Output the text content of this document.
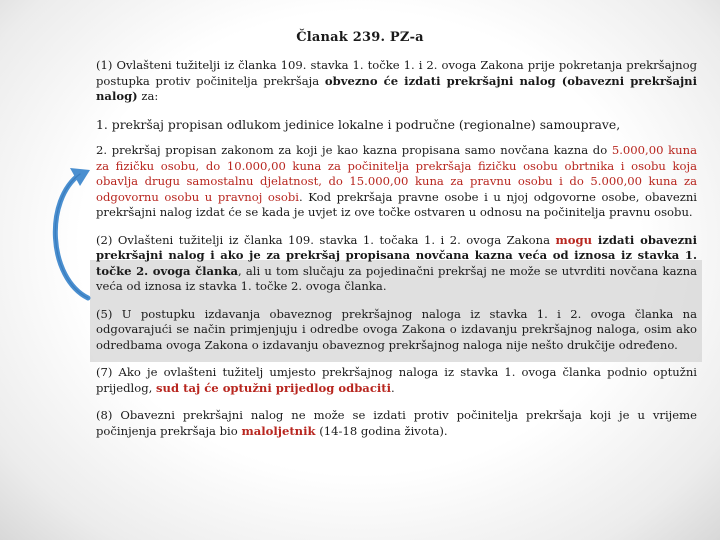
Članak 239. PZ-a

(1) Ovlašteni tužitelji iz članka 109. stavka 1. točke 1. i 2. ovoga Zakona prije pokretanja prekršajnog postupka protiv počinitelja prekršaja obvezno će izdati prekršajni nalog (obavezni prekršajni nalog) za:

1. prekršaj propisan odlukom jedinice lokalne i područne (regionalne) samouprave,

2. prekršaj propisan zakonom za koji je kao kazna propisana samo novčana kazna do 5.000,00 kuna za fizičku osobu, do 10.000,00 kuna za počinitelja prekršaja fizičku osobu obrtnika i osobu koja obavlja drugu samostalnu djelatnost, do 15.000,00 kuna za pravnu osobu i do 5.000,00 kuna za odgovornu osobu u pravnoj osobi. Kod prekršaja pravne osobe i u njoj odgovorne osobe, obavezni prekršajni nalog izdat će se kada je uvjet iz ove točke ostvaren u odnosu na počinitelja pravnu osobu.

(2) Ovlašteni tužitelji iz članka 109. stavka 1. točaka 1. i 2. ovoga Zakona mogu izdati obavezni prekršajni nalog i ako je za prekršaj propisana novčana kazna veća od iznosa iz stavka 1. točke 2. ovoga članka, ali u tom slučaju za pojedinačni prekršaj ne može se utvrditi novčana kazna veća od iznosa iz stavka 1. točke 2. ovoga članka.

(5) U postupku izdavanja obaveznog prekršajnog naloga iz stavka 1. i 2. ovoga članka na odgovarajući se način primjenjuju i odredbe ovoga Zakona o izdavanju prekršajnog naloga, osim ako odredbama ovoga Zakona o izdavanju obaveznog prekršajnog naloga nije nešto drukčije određeno.

(7) Ako je ovlašteni tužitelj umjesto prekršajnog naloga iz stavka 1. ovoga članka podnio optužni prijedlog, sud taj će optužni prijedlog odbaciti.

(8) Obavezni prekršajni nalog ne može se izdati protiv počinitelja prekršaja koji je u vrijeme počinjenja prekršaja bio maloljetnik (14-18 godina života).
